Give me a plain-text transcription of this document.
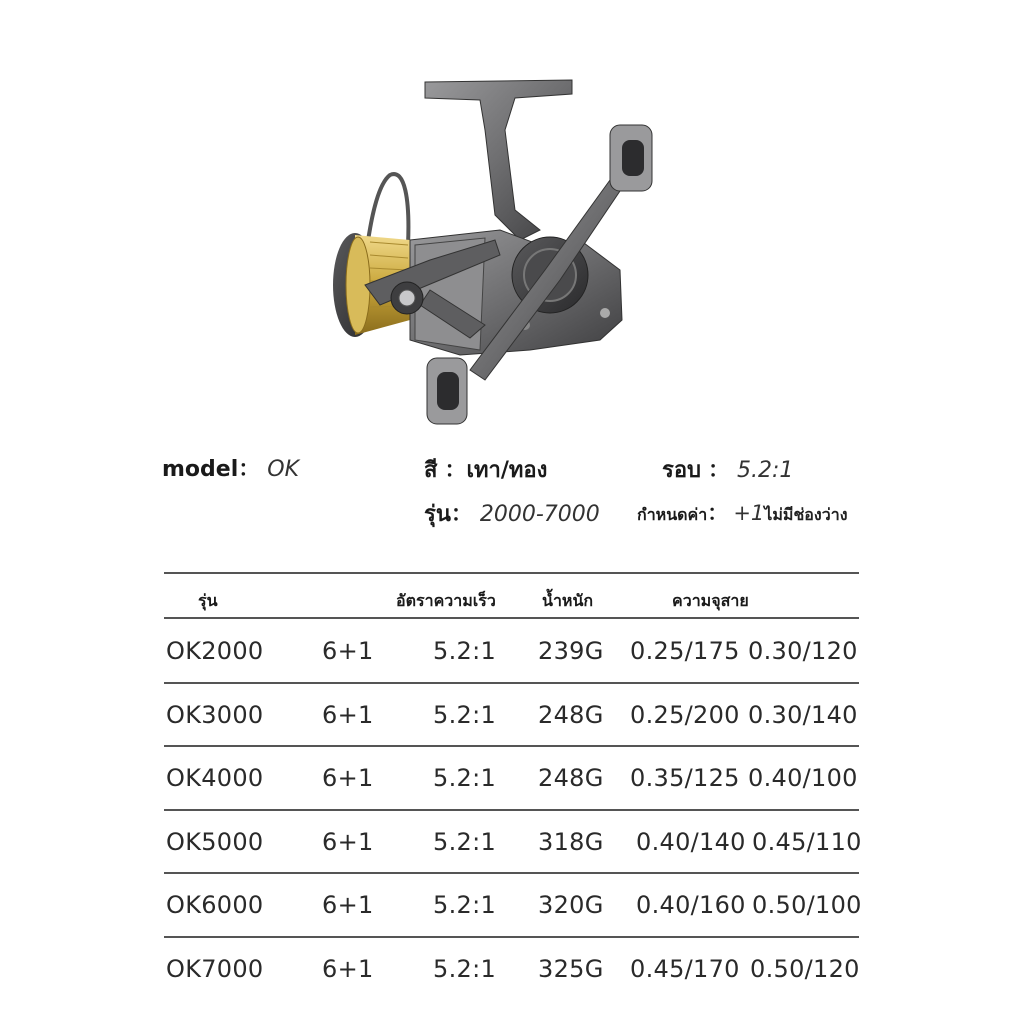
model： OK	สี ：เทา/ทอง	รอบ ： 5.2:1
รุ่น： 2000-7000 กำหนดค่า： +1ไม่มีช่องว่าง
รุ่น	อัตราความเร็ว	น้ำหนัก	ความจุสาย
OK2000 6+1 5.2:1 239G 0.25/175 0.30/120
OK3000 6+1 5.2:1 248G 0.25/200 0.30/140
OK4000 6+1 5.2:1 248G 0.35/125 0.40/100
OK5000 6+1 5.2:1 318G 0.40/140 0.45/110
OK6000 6+1 5.2:1 320G 0.40/160 0.50/100
OK7000 6+1 5.2:1 325G 0.45/170 0.50/120
